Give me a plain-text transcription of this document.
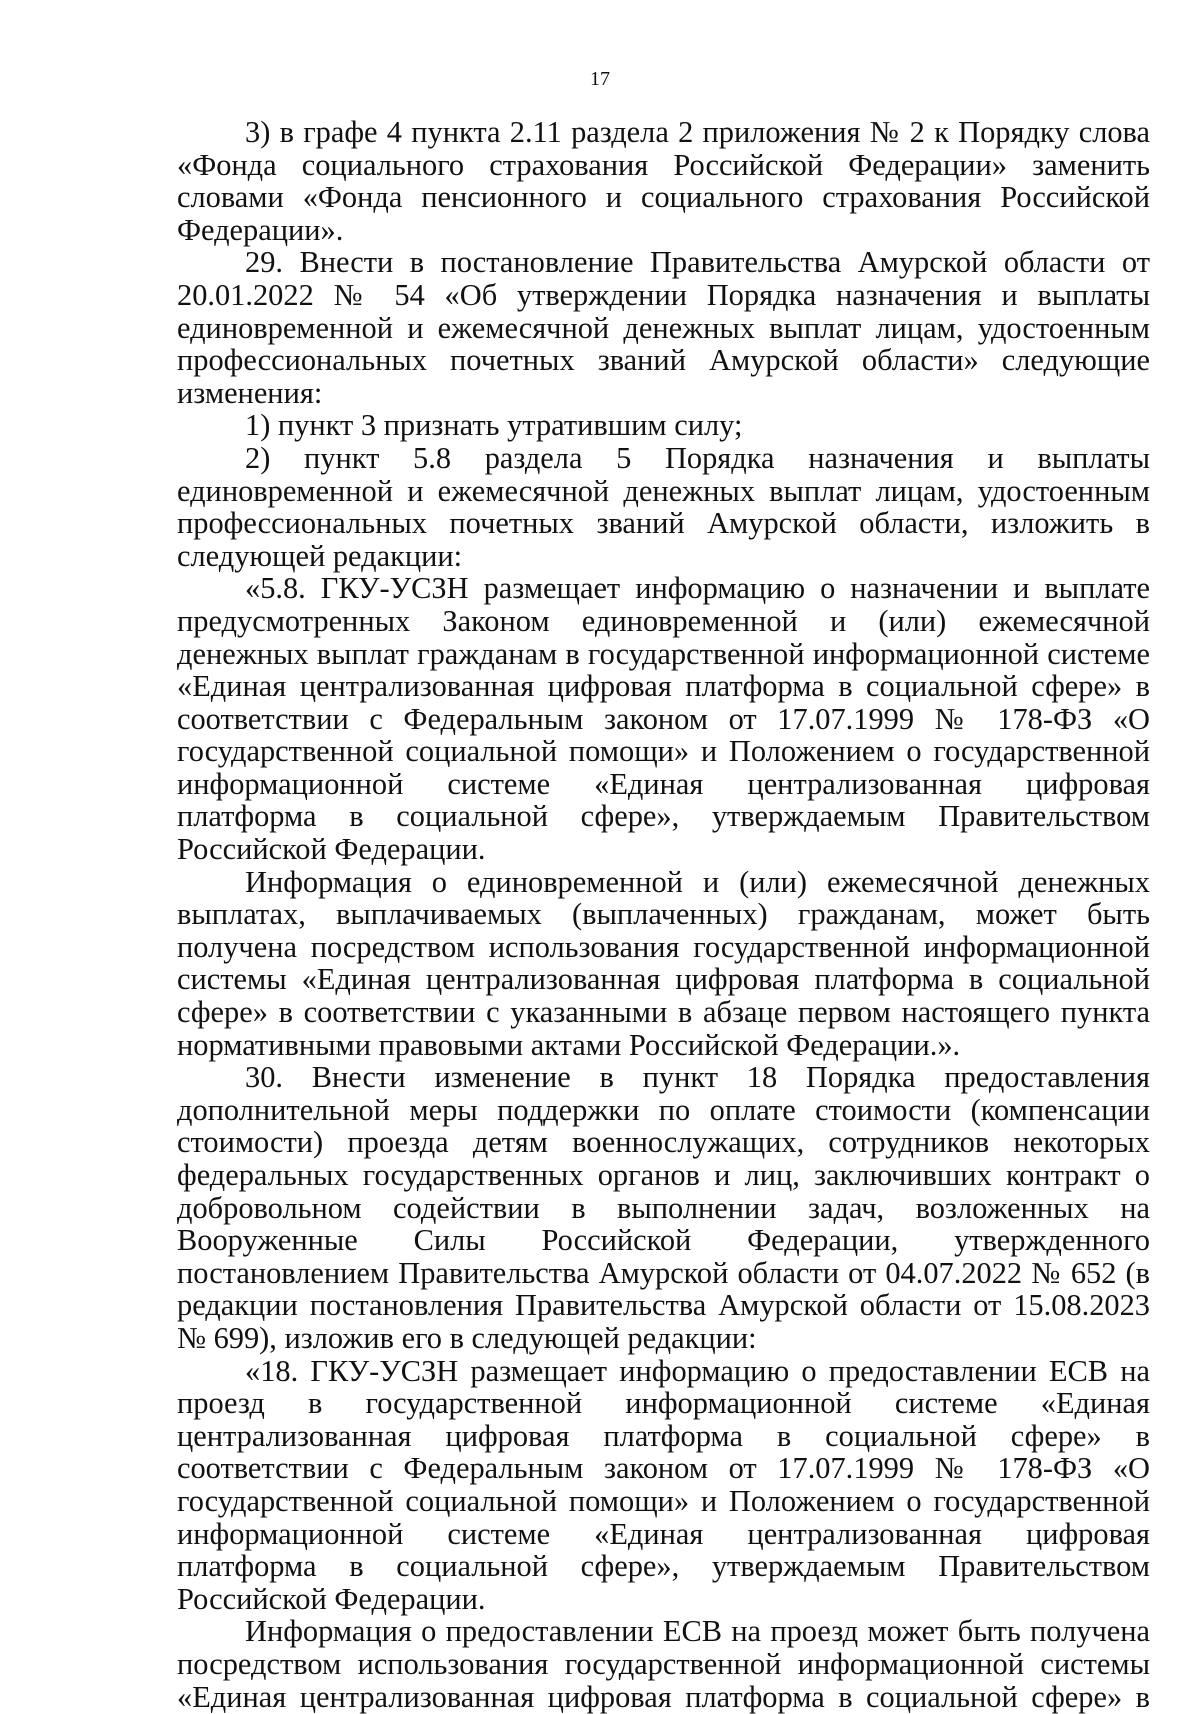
17

3) в графе 4 пункта 2.11 раздела 2 приложения № 2 к Порядку слова «Фонда социального страхования Российской Федерации» заменить словами «Фонда пенсионного и социального страхования Российской Федерации».

29. Внести в постановление Правительства Амурской области от 20.01.2022 № 54 «Об утверждении Порядка назначения и выплаты единовременной и ежемесячной денежных выплат лицам, удостоенным профессиональных почетных званий Амурской области» следующие изменения:

1) пункт 3 признать утратившим силу;

2) пункт 5.8 раздела 5 Порядка назначения и выплаты единовременной и ежемесячной денежных выплат лицам, удостоенным профессиональных почетных званий Амурской области, изложить в следующей редакции:

«5.8. ГКУ-УСЗН размещает информацию о назначении и выплате предусмотренных Законом единовременной и (или) ежемесячной денежных выплат гражданам в государственной информационной системе «Единая централизованная цифровая платформа в социальной сфере» в соответствии с Федеральным законом от 17.07.1999 № 178-ФЗ «О государственной социальной помощи» и Положением о государственной информационной системе «Единая централизованная цифровая платформа в социальной сфере», утверждаемым Правительством Российской Федерации.

Информация о единовременной и (или) ежемесячной денежных выплатах, выплачиваемых (выплаченных) гражданам, может быть получена посредством использования государственной информационной системы «Единая централизованная цифровая платформа в социальной сфере» в соответствии с указанными в абзаце первом настоящего пункта нормативными правовыми актами Российской Федерации.».

30. Внести изменение в пункт 18 Порядка предоставления дополнительной меры поддержки по оплате стоимости (компенсации стоимости) проезда детям военнослужащих, сотрудников некоторых федеральных государственных органов и лиц, заключивших контракт о добровольном содействии в выполнении задач, возложенных на Вооруженные Силы Российской Федерации, утвержденного постановлением Правительства Амурской области от 04.07.2022 № 652 (в редакции постановления Правительства Амурской области от 15.08.2023 № 699), изложив его в следующей редакции:

«18. ГКУ-УСЗН размещает информацию о предоставлении ЕСВ на проезд в государственной информационной системе «Единая централизованная цифровая платформа в социальной сфере» в соответствии с Федеральным законом от 17.07.1999 № 178-ФЗ «О государственной социальной помощи» и Положением о государственной информационной системе «Единая централизованная цифровая платформа в социальной сфере», утверждаемым Правительством Российской Федерации.

Информация о предоставлении ЕСВ на проезд может быть получена посредством использования государственной информационной системы «Единая централизованная цифровая платформа в социальной сфере» в
